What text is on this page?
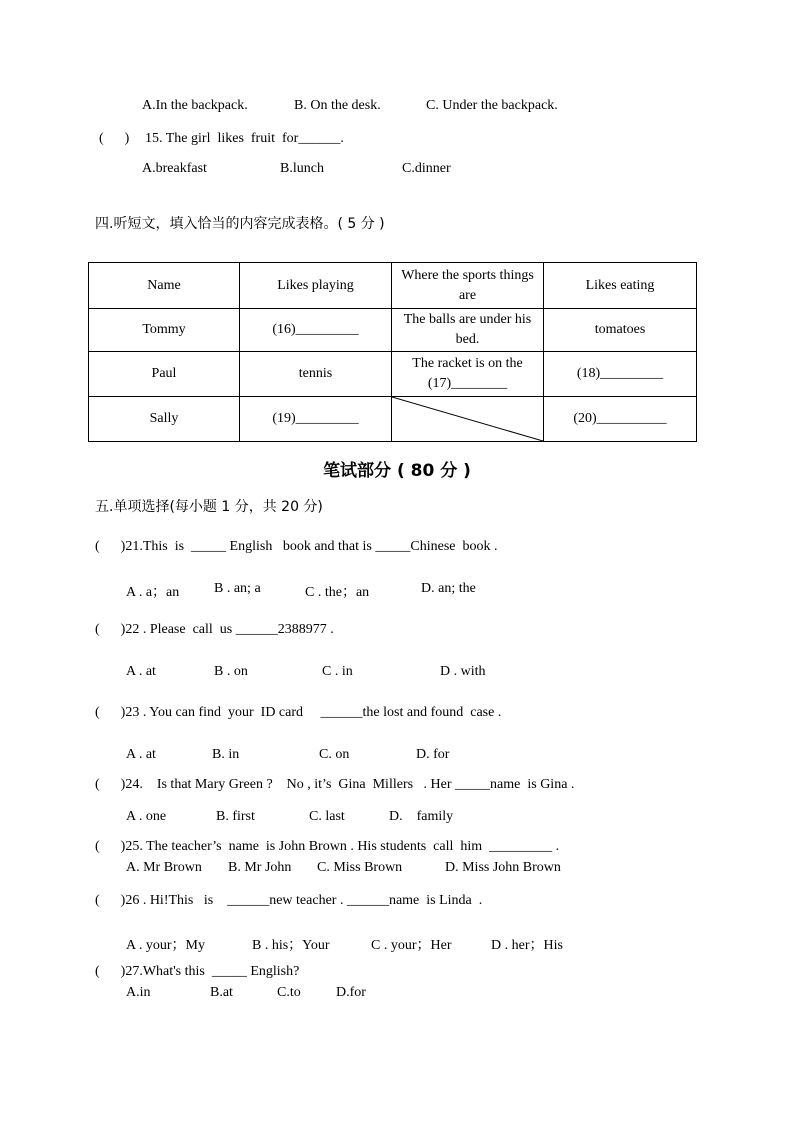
A.In the backpack.	B. On the desk.	C. Under the backpack.
(      ) 15. The girl  likes  fruit  for______.
A.breakfast	B.lunch	C.dinner
四.听短文，填入恰当的内容完成表格。( 5 分 )
Name	Likes playing	Where the sports things are	Likes eating
Tommy	(16)_________	The balls are under his bed.	tomatoes
Paul	tennis	The racket is on the (17)________	(18)_________
Sally	(19)_________		(20)__________
笔试部分 ( 80 分 )
五.单项选择(每小题 1 分，共 20 分)
(      )21.This  is  _____ English   book and that is _____Chinese  book .
A . a；an B . an; a	C . the；an	D. an; the
(      )22 . Please  call  us ______2388977 .
A . at	B . on	C . in	D . with
(      )23 . You can find  your  ID card     ______the lost and found  case .
A . at	B. in	C. on	D. for
(      )24.    Is that Mary Green ?    No , it’s  Gina  Millers   . Her _____name  is Gina .
A . one	B. first	C. last	D.    family
(      )25. The teacher’s  name  is John Brown . His students  call  him  _________ .
A. Mr Brown B. Mr John C. Miss Brown	D. Miss John Brown
(      )26 . Hi!This   is    ______new teacher . ______name  is Linda  .
A . your；My	B . his；Your	C . your；Her	D . her；His
(      )27.What's this  _____ English?
A.in	B.at	C.to	D.for
